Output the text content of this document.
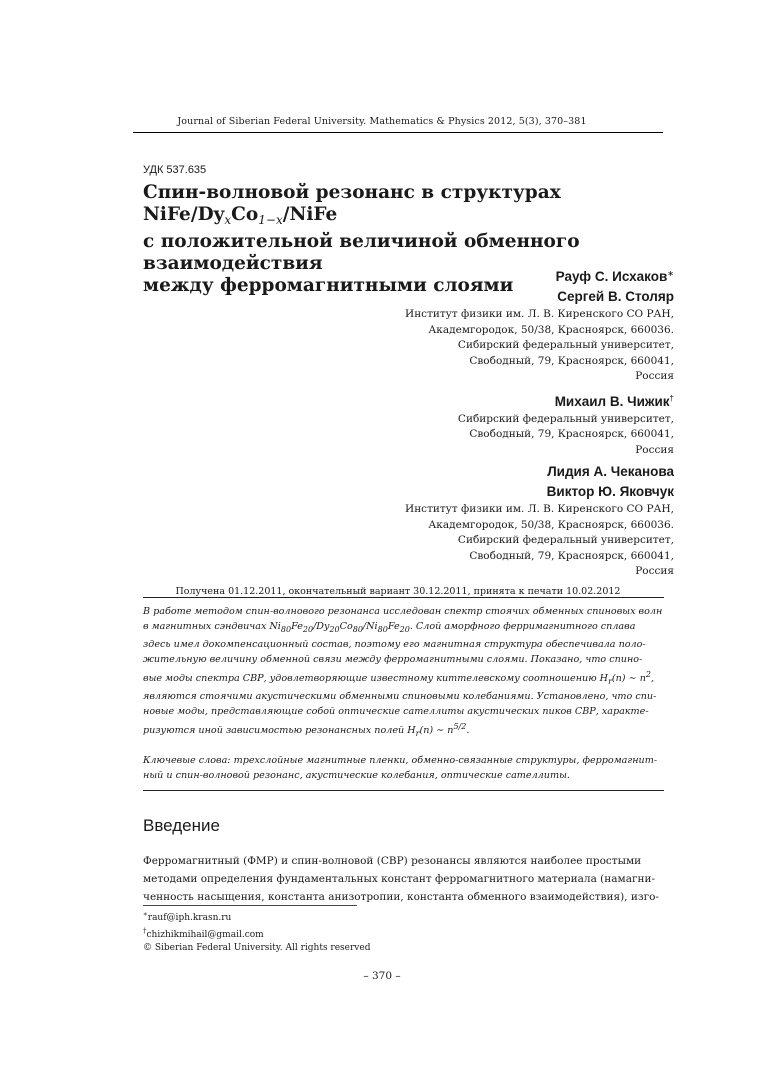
Journal of Siberian Federal University. Mathematics & Physics 2012, 5(3), 370–381
УДК 537.635
Спин-волновой резонанс в структурах NiFe/$Dy_xCo_{1-x}$/NiFe
с положительной величиной обменного взаимодействия
между ферромагнитными слоями	Рауф С. Исхаков∗
Сергей В. Столяр
Институт физики им. Л. В. Киренского СО РАН,
Академгородок, 50/38, Красноярск, 660036.
Сибирский федеральный университет,
Свободный, 79, Красноярск, 660041,
Россия
Михаил В. Чижик†
Сибирский федеральный университет,
Свободный, 79, Красноярск, 660041,
Россия
Лидия А. Чеканова
Виктор Ю. Яковчук
Институт физики им. Л. В. Киренского СО РАН,
Академгородок, 50/38, Красноярск, 660036.
Сибирский федеральный университет,
Свободный, 79, Красноярск, 660041,
Россия
Получена 01.12.2011, окончательный вариант 30.12.2011, принята к печати 10.02.2012
В работе методом спин-волнового резонанса исследован спектр стоячих обменных спиновых волн
в магнитных сэндвичах $Ni_{80}Fe_{20}/Dy_{20}Co_{80}/Ni_{80}Fe_{20}$. Слой аморфного ферримагнитного сплава
здесь имел докомпенсационный состав, поэтому его магнитная структура обеспечивала поло-
жительную величину обменной связи между ферромагнитными слоями. Показано, что спино-
вые моды спектра СВР, удовлетворяющие известному киттелевскому соотношению $H_r(n)$ ∼ $n^2$,
являются стоячими акустическими обменными спиновыми колебаниями. Установлено, что спи-
новые моды, представляющие собой оптические сателлиты акустических пиков СВР, характе-
ризуются иной зависимостью резонансных полей $H_r(n)$ ∼ $n^{5/2}$.
Ключевые слова: трехслойные магнитные пленки, обменно-связанные структуры, ферромагнит-
ный и спин-волновой резонанс, акустические колебания, оптические сателлиты.
Введение
Ферромагнитный (ФМР) и спин-волновой (СВР) резонансы являются наиболее простыми
методами определения фундаментальных констант ферромагнитного материала (намагни-
ченность насыщения, константа анизотропии, константа обменного взаимодействия), изго-
∗rauf@iph.krasn.ru
†chizhikmihail@gmail.com
© Siberian Federal University. All rights reserved
– 370 –
